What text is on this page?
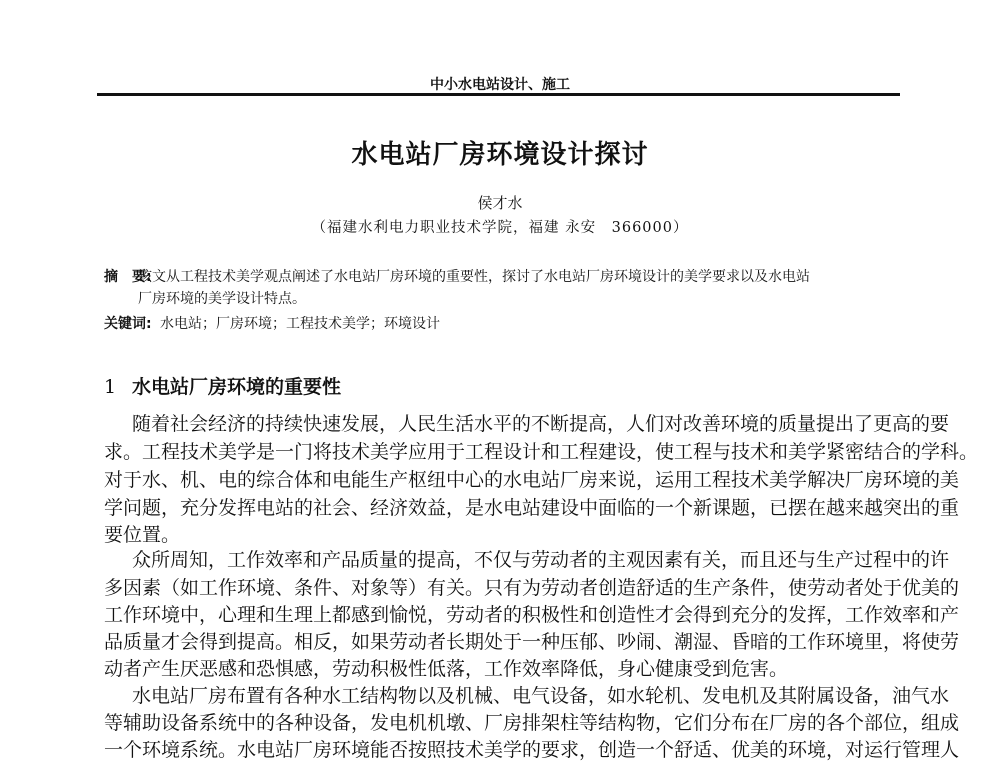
中小水电站设计、施工
水电站厂房环境设计探讨
侯才水
（福建水利电力职业技术学院，福建 永安　366000）
摘　要:
该文从工程技术美学观点阐述了水电站厂房环境的重要性，探讨了水电站厂房环境设计的美学要求以及水电站
厂房环境的美学设计特点。
关键词: 水电站；厂房环境；工程技术美学；环境设计
1 水电站厂房环境的重要性
随着社会经济的持续快速发展，人民生活水平的不断提高，人们对改善环境的质量提出了更高的要
求。工程技术美学是一门将技术美学应用于工程设计和工程建设，使工程与技术和美学紧密结合的学科。
对于水、机、电的综合体和电能生产枢纽中心的水电站厂房来说，运用工程技术美学解决厂房环境的美
学问题，充分发挥电站的社会、经济效益，是水电站建设中面临的一个新课题，已摆在越来越突出的重
要位置。
众所周知，工作效率和产品质量的提高，不仅与劳动者的主观因素有关，而且还与生产过程中的许
多因素（如工作环境、条件、对象等）有关。只有为劳动者创造舒适的生产条件，使劳动者处于优美的
工作环境中，心理和生理上都感到愉悦，劳动者的积极性和创造性才会得到充分的发挥，工作效率和产
品质量才会得到提高。相反，如果劳动者长期处于一种压郁、吵闹、潮湿、昏暗的工作环境里，将使劳
动者产生厌恶感和恐惧感，劳动积极性低落，工作效率降低，身心健康受到危害。
水电站厂房布置有各种水工结构物以及机械、电气设备，如水轮机、发电机及其附属设备，油气水
等辅助设备系统中的各种设备，发电机机墩、厂房排架柱等结构物，它们分布在厂房的各个部位，组成
一个环境系统。水电站厂房环境能否按照技术美学的要求，创造一个舒适、优美的环境，对运行管理人
